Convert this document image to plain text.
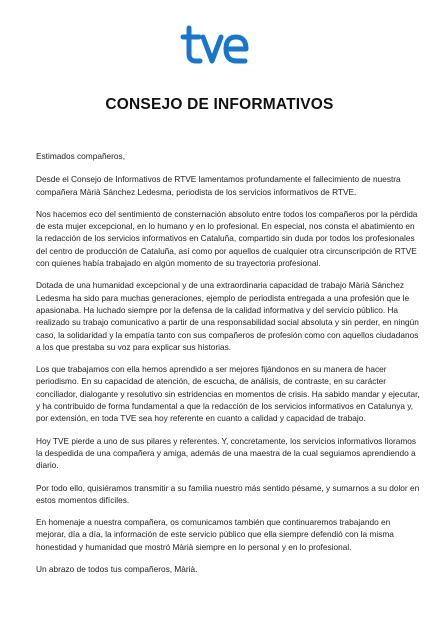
CONSEJO DE INFORMATIVOS

Estimados compañeros,

Desde el Consejo de Informativos de RTVE lamentamos profundamente el fallecimiento de nuestra compañera Màrià Sánchez Ledesma, periodista de los servicios informativos de RTVE.

Nos hacemos eco del sentimiento de consternación absoluto entre todos los compañeros por la pérdida de esta mujer excepcional, en lo humano y en lo profesional. En especial, nos consta el abatimiento en la redacción de los servicios informativos en Cataluña, compartido sin duda por todos los profesionales del centro de producción de Cataluña, así como por aquellos de cualquier otra circunscripción de RTVE con quienes había trabajado en algún momento de su trayectoria profesional.

Dotada de una humanidad excepcional y de una extraordinaria capacidad de trabajo Màrià Sánchez Ledesma ha sido para muchas generaciones, ejemplo de periodista entregada a una profesión que le apasionaba. Ha luchado siempre por la defensa de la calidad informativa y del servicio público. Ha realizado su trabajo comunicativo a partir de una responsabilidad social absoluta y sin perder, en ningún caso, la solidaridad y la empatía tanto con sus compañeros de profesión como con aquellos ciudadanos a los que prestaba su voz para explicar sus historias.

Los que trabajamos con ella hemos aprendido a ser mejores fijándonos en su manera de hacer periodismo. En su capacidad de atención, de escucha, de análisis, de contraste, en su carácter conciliador, dialogante y resolutivo sin estridencias en momentos de crisis. Ha sabido mandar y ejecutar, y ha contribuido de forma fundamental a que la redacción de los servicios informativos en Catalunya y, por extensión, en toda TVE sea hoy referente en cuanto a calidad y capacidad de trabajo.

Hoy TVE pierde a uno de sus pilares y referentes. Y, concretamente, los servicios informativos lloramos la despedida de una compañera y amiga, además de una maestra de la cual seguiamos aprendiendo a diario.

Por todo ello, quisiéramos transmitir a su familia nuestro más sentido pésame, y sumarnos a su dolor en estos momentos difíciles.

En homenaje a nuestra compañera, os comunicamos también que continuaremos trabajando en mejorar, día a día, la información de este servicio público que ella siempre defendió con la misma honestidad y humanidad que mostró Màrià siempre en lo personal y en lo profesional.

Un abrazo de todos tus compañeros, Màrià.
